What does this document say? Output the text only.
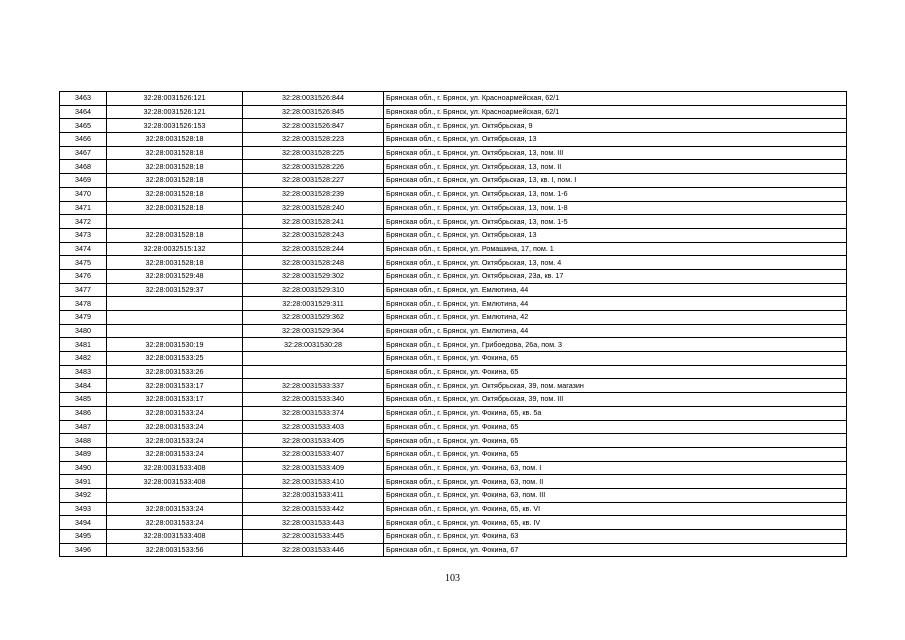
3463	32:28:0031526:121	32:28:0031526:844	Брянская обл., г. Брянск, ул. Красноармейская, 62/1
3464	32:28:0031526:121	32:28:0031526:845	Брянская обл., г. Брянск, ул. Красноармейская, 62/1
3465	32:28:0031526:153	32:28:0031526:847	Брянская обл., г. Брянск, ул. Октябрьская, 9
3466	32:28:0031528:18	32:28:0031528:223	Брянская обл., г. Брянск, ул. Октябрьская, 13
3467	32:28:0031528:18	32:28:0031528:225	Брянская обл., г. Брянск, ул. Октябрьская, 13, пом. III
3468	32:28:0031528:18	32:28:0031528:226	Брянская обл., г. Брянск, ул. Октябрьская, 13, пом. II
3469	32:28:0031528:18	32:28:0031528:227	Брянская обл., г. Брянск, ул. Октябрьская, 13, кв. I, пом. I
3470	32:28:0031528:18	32:28:0031528:239	Брянская обл., г. Брянск, ул. Октябрьская, 13, пом. 1-6
3471	32:28:0031528:18	32:28:0031528:240	Брянская обл., г. Брянск, ул. Октябрьская, 13, пом. 1-8
3472		32:28:0031528:241	Брянская обл., г. Брянск, ул. Октябрьская, 13, пом. 1-5
3473	32:28:0031528:18	32:28:0031528:243	Брянская обл., г. Брянск, ул. Октябрьская, 13
3474	32:28:0032515:132	32:28:0031528:244	Брянская обл., г. Брянск, ул. Ромашина, 17, пом. 1
3475	32:28:0031528:18	32:28:0031528:248	Брянская обл., г. Брянск, ул. Октябрьская, 13, пом. 4
3476	32:28:0031529:48	32:28:0031529:302	Брянская обл., г. Брянск, ул. Октябрьская, 23а, кв. 17
3477	32:28:0031529:37	32:28:0031529:310	Брянская обл., г. Брянск, ул. Емлютина, 44
3478		32:28:0031529:311	Брянская обл., г. Брянск, ул. Емлютина, 44
3479		32:28:0031529:362	Брянская обл., г. Брянск, ул. Емлютина, 42
3480		32:28:0031529:364	Брянская обл., г. Брянск, ул. Емлютина, 44
3481	32:28:0031530:19	32:28:0031530:28	Брянская обл., г. Брянск, ул. Грибоедова, 26а, пом. 3
3482	32:28:0031533:25		Брянская обл., г. Брянск, ул. Фокина, 65
3483	32:28:0031533:26		Брянская обл., г. Брянск, ул. Фокина, 65
3484	32:28:0031533:17	32:28:0031533:337	Брянская обл., г. Брянск, ул. Октябрьская, 39, пом. магазин
3485	32:28:0031533:17	32:28:0031533:340	Брянская обл., г. Брянск, ул. Октябрьская, 39, пом. III
3486	32:28:0031533:24	32:28:0031533:374	Брянская обл., г. Брянск, ул. Фокина, 65, кв. 5а
3487	32:28:0031533:24	32:28:0031533:403	Брянская обл., г. Брянск, ул. Фокина, 65
3488	32:28:0031533:24	32:28:0031533:405	Брянская обл., г. Брянск, ул. Фокина, 65
3489	32:28:0031533:24	32:28:0031533:407	Брянская обл., г. Брянск, ул. Фокина, 65
3490	32:28:0031533:408	32:28:0031533:409	Брянская обл., г. Брянск, ул. Фокина, 63, пом. I
3491	32:28:0031533:408	32:28:0031533:410	Брянская обл., г. Брянск, ул. Фокина, 63, пом. II
3492		32:28:0031533:411	Брянская обл., г. Брянск, ул. Фокина, 63, пом. III
3493	32:28:0031533:24	32:28:0031533:442	Брянская обл., г. Брянск, ул. Фокина, 65, кв. VI
3494	32:28:0031533:24	32:28:0031533:443	Брянская обл., г. Брянск, ул. Фокина, 65, кв. IV
3495	32:28:0031533:408	32:28:0031533:445	Брянская обл., г. Брянск, ул. Фокина, 63
3496	32:28:0031533:56	32:28:0031533:446	Брянская обл., г. Брянск, ул. Фокина, 67
103
